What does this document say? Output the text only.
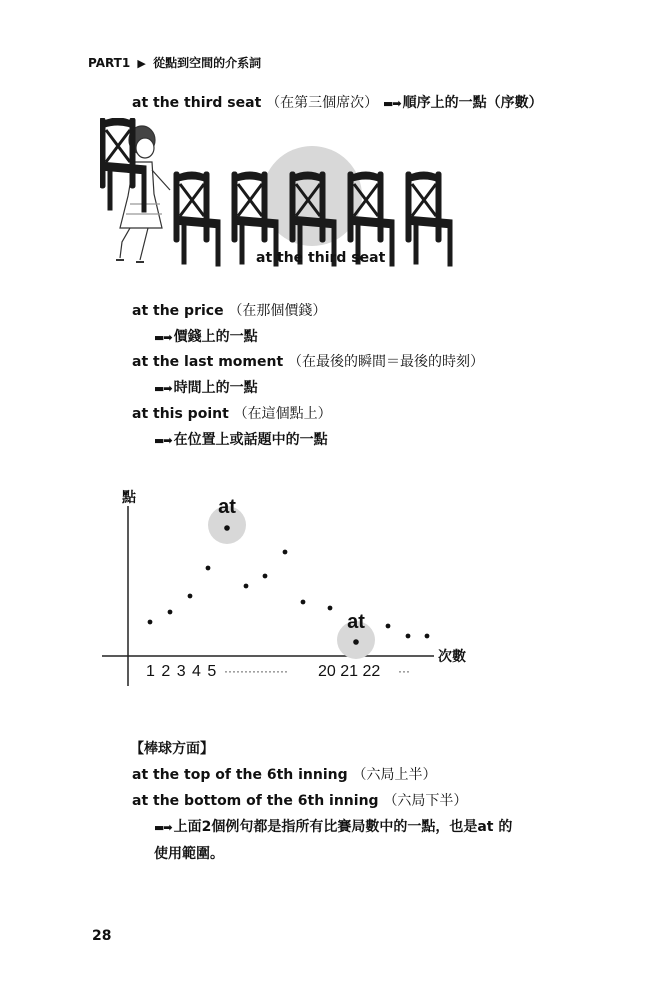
PART1 ▶ 從點到空間的介系詞
at the third seat （在第三個席次） ▬➡ 順序上的一點（序數）
at the third seat
at the price （在那個價錢）
▬➡ 價錢上的一點
at the last moment （在最後的瞬間＝最後的時刻）
▬➡ 時間上的一點
at this point （在這個點上）
▬➡ 在位置上或話題中的一點
點
次數
at
at
1 2 3 4 5 ················ 20 21 22 ···
【棒球方面】
at the top of the 6th inning （六局上半）
at the bottom of the 6th inning （六局下半）
▬➡ 上面2個例句都是指所有比賽局數中的一點，也是at 的
使用範圍。
28
